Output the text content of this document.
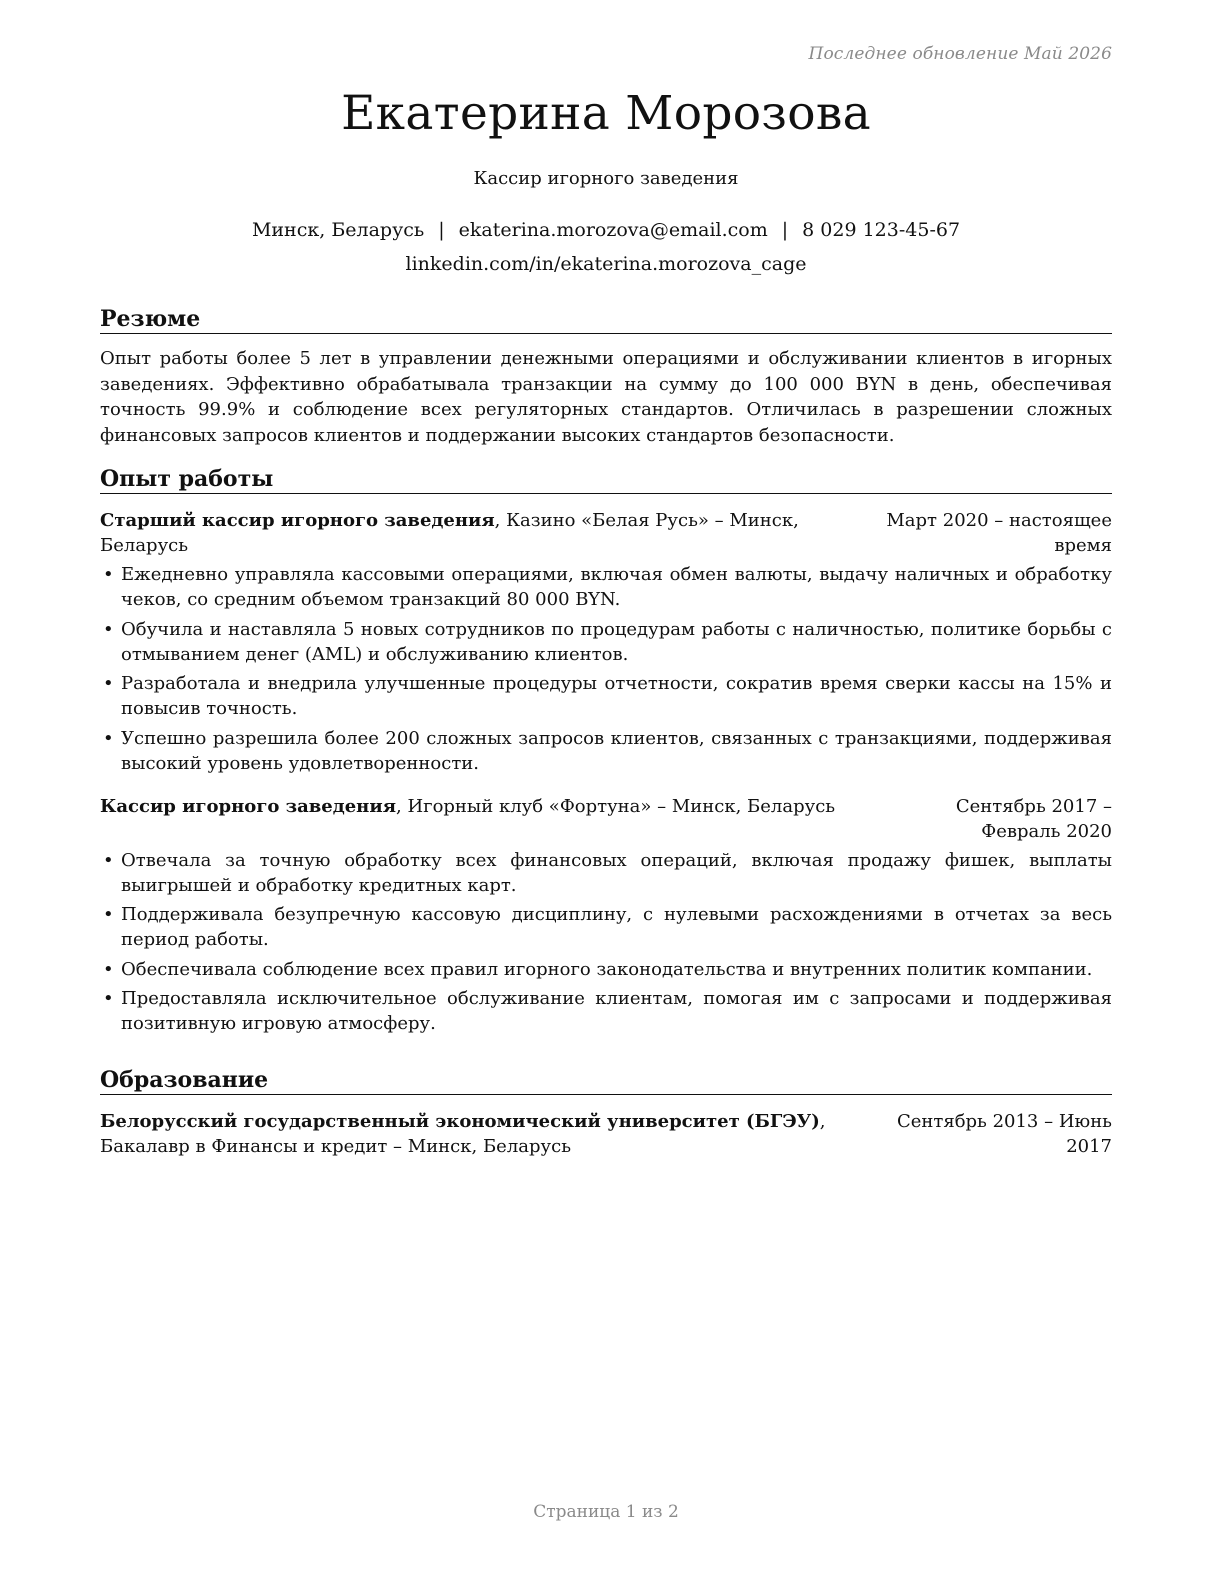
Последнее обновление Май 2026
Екатерина Морозова
Кассир игорного заведения
Минск, Беларусь | ekaterina.morozova@email.com | 8 029 123-45-67
linkedin.com/in/ekaterina.morozova_cage
Резюме
Опыт работы более 5 лет в управлении денежными операциями и обслуживании клиентов в игорных заведениях. Эффективно обрабатывала транзакции на сумму до 100 000 BYN в день, обеспечивая точность 99.9% и соблюдение всех регуляторных стандартов. Отличилась в разрешении сложных финансовых запросов клиентов и поддержании высоких стандартов безопасности.
Опыт работы
Старший кассир игорного заведения, Казино «Белая Русь» – Минск, Беларусь
Март 2020 – настоящее время
• Ежедневно управляла кассовыми операциями, включая обмен валюты, выдачу наличных и обработку чеков, со средним объемом транзакций 80 000 BYN.
• Обучила и наставляла 5 новых сотрудников по процедурам работы с наличностью, политике борьбы с отмыванием денег (AML) и обслуживанию клиентов.
• Разработала и внедрила улучшенные процедуры отчетности, сократив время сверки кассы на 15% и повысив точность.
• Успешно разрешила более 200 сложных запросов клиентов, связанных с транзакциями, поддерживая высокий уровень удовлетворенности.
Кассир игорного заведения, Игорный клуб «Фортуна» – Минск, Беларусь	Сентябрь 2017 – Февраль 2020
• Отвечала за точную обработку всех финансовых операций, включая продажу фишек, выплаты выигрышей и обработку кредитных карт.
• Поддерживала безупречную кассовую дисциплину, с нулевыми расхождениями в отчетах за весь период работы.
• Обеспечивала соблюдение всех правил игорного законодательства и внутренних политик компании.
• Предоставляла исключительное обслуживание клиентам, помогая им с запросами и поддерживая позитивную игровую атмосферу.
Образование
Белорусский государственный экономический университет (БГЭУ), Бакалавр в Финансы и кредит – Минск, Беларусь
Сентябрь 2013 – Июнь 2017
Страница 1 из 2
